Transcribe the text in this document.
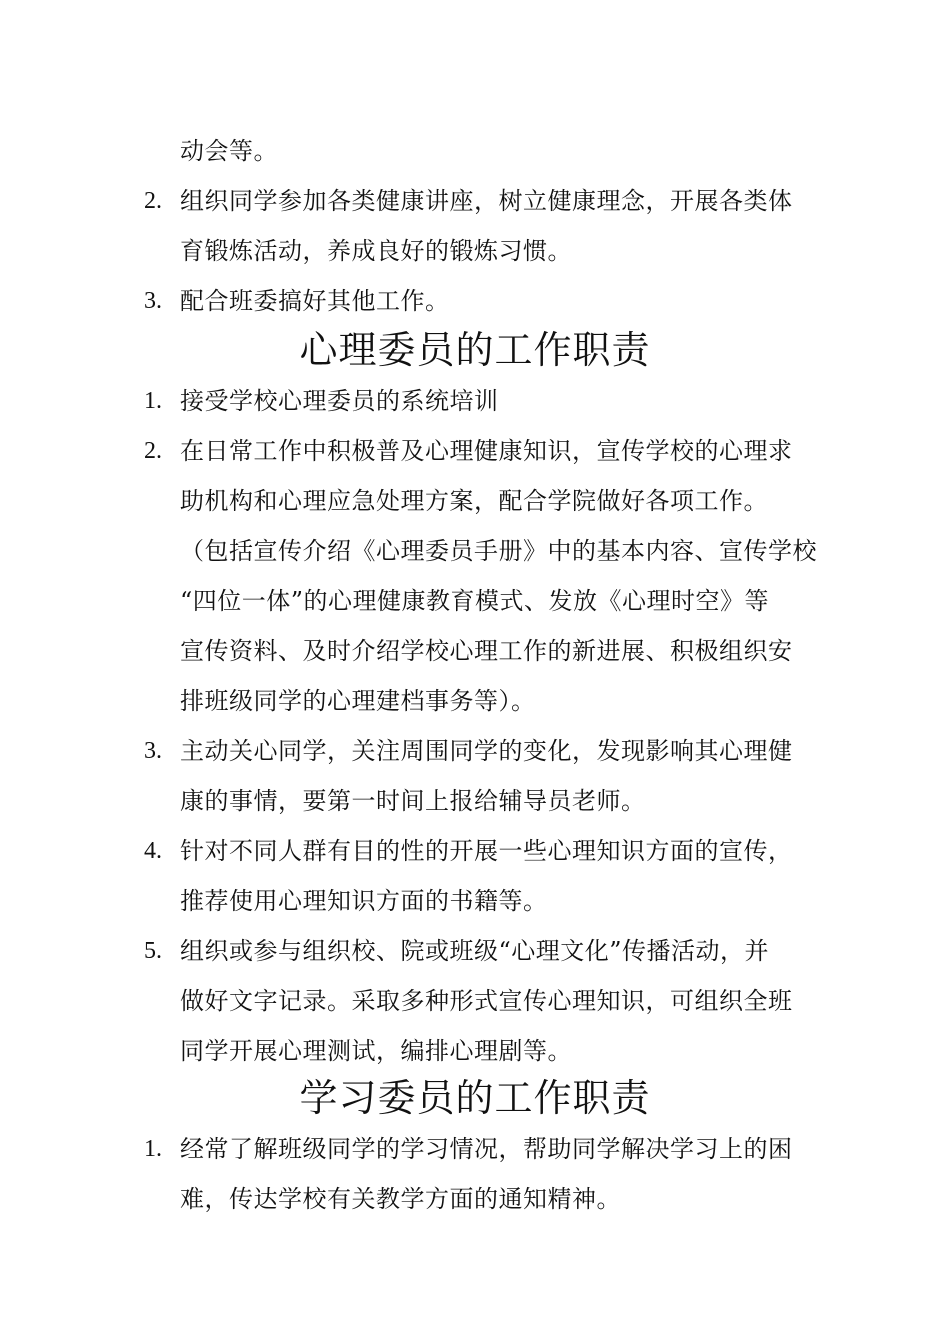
动会等。
2. 组织同学参加各类健康讲座，树立健康理念，开展各类体
育锻炼活动，养成良好的锻炼习惯。
3. 配合班委搞好其他工作。
心理委员的工作职责
1. 接受学校心理委员的系统培训
2. 在日常工作中积极普及心理健康知识，宣传学校的心理求
助机构和心理应急处理方案，配合学院做好各项工作。
（包括宣传介绍《心理委员手册》中的基本内容、宣传学校
“四位一体”的心理健康教育模式、发放《心理时空》等
宣传资料、及时介绍学校心理工作的新进展、积极组织安
排班级同学的心理建档事务等）。
3. 主动关心同学，关注周围同学的变化，发现影响其心理健
康的事情，要第一时间上报给辅导员老师。
4. 针对不同人群有目的性的开展一些心理知识方面的宣传，
推荐使用心理知识方面的书籍等。
5. 组织或参与组织校、院或班级“心理文化”传播活动，并
做好文字记录。采取多种形式宣传心理知识，可组织全班
同学开展心理测试，编排心理剧等。
学习委员的工作职责
1. 经常了解班级同学的学习情况，帮助同学解决学习上的困
难，传达学校有关教学方面的通知精神。
